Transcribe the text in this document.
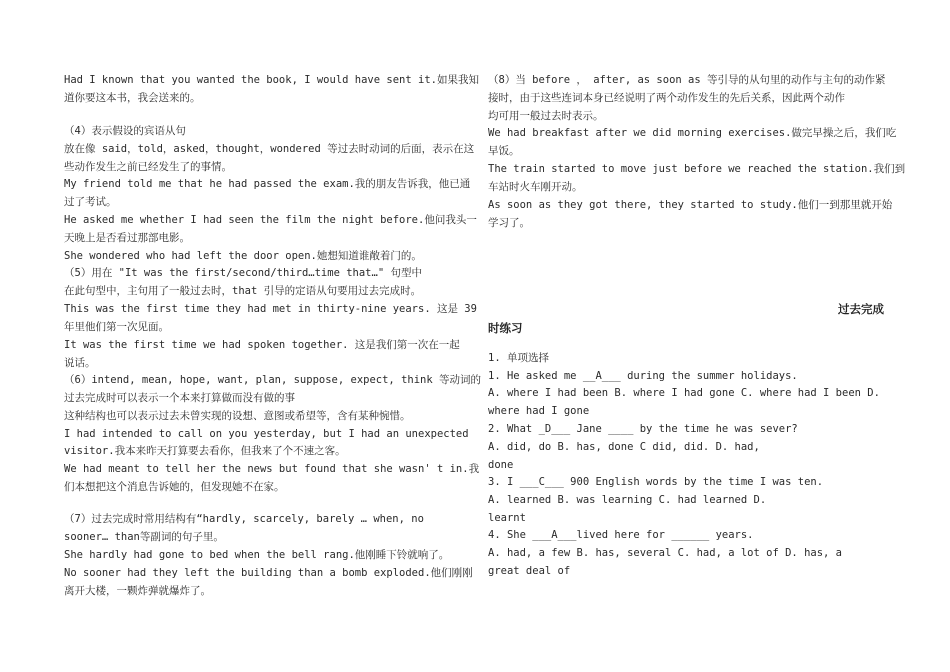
过去完成
时练习
Had I known that you wanted the book, I would have sent it.如果我知
道你要这本书，我会送来的。
（4）表示假设的宾语从句
放在像 said，told，asked，thought，wondered 等过去时动词的后面，表示在这
些动作发生之前已经发生了的事情。
My friend told me that he had passed the exam.我的朋友告诉我，他已通
过了考试。
He asked me whether I had seen the film the night before.他问我头一
天晚上是否看过那部电影。
She wondered who had left the door open.她想知道谁敞着门的。
（5）用在 "It was the first/second/third…time that…" 句型中
在此句型中，主句用了一般过去时，that 引导的定语从句要用过去完成时。
This was the first time they had met in thirty-nine years. 这是 39
年里他们第一次见面。
It was the first time we had spoken together. 这是我们第一次在一起
说话。
（6）intend, mean, hope, want, plan, suppose, expect, think 等动词的
过去完成时可以表示一个本来打算做而没有做的事
这种结构也可以表示过去未曾实现的设想、意图或希望等，含有某种惋惜。
I had intended to call on you yesterday, but I had an unexpected
visitor.我本来昨天打算要去看你，但我来了个不速之客。
We had meant to tell her the news but found that she wasn' t in.我
们本想把这个消息告诉她的，但发现她不在家。
（7）过去完成时常用结构有“hardly, scarcely, barely … when, no
sooner… than等副词的句子里。
She hardly had gone to bed when the bell rang.他刚睡下铃就响了。
No sooner had they left the building than a bomb exploded.他们刚刚
离开大楼，一颗炸弹就爆炸了。
（8）当 before ， after, as soon as 等引导的从句里的动作与主句的动作紧
接时，由于这些连词本身已经说明了两个动作发生的先后关系，因此两个动作
均可用一般过去时表示。
We had breakfast after we did morning exercises.做完早操之后，我们吃
早饭。
The train started to move just before we reached the station.我们到
车站时火车刚开动。
As soon as they got there, they started to study.他们一到那里就开始
学习了。
1. 单项选择
1. He asked me __A___ during the summer holidays.
A. where I had been B. where I had gone C. where had I been D.
where had I gone
2. What _D___ Jane ____ by the time he was sever?
A. did, do B. has, done C did, did. D. had,
done
3. I ___C___ 900 English words by the time I was ten.
A. learned B. was learning C. had learned D.
learnt
4. She ___A___lived here for ______ years.
A. had, a few B. has, several C. had, a lot of D. has, a
great deal of
